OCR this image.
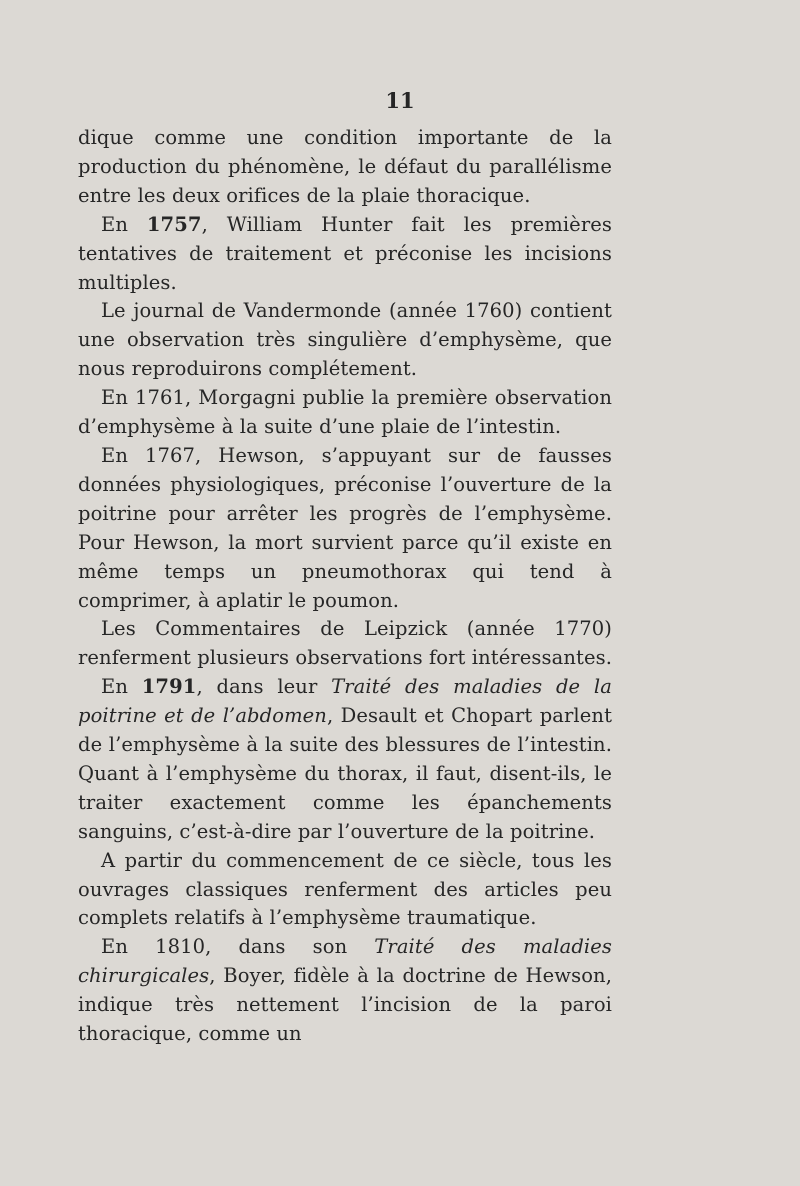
11

dique comme une condition importante de la production du phénomène, le défaut du parallélisme entre les deux orifices de la plaie thoracique.

En 1757, William Hunter fait les premières tentatives de traitement et préconise les incisions multiples.

Le journal de Vandermonde (année 1760) contient une observation très singulière d’emphysème, que nous reproduirons complétement.

En 1761, Morgagni publie la première observation d’emphysème à la suite d’une plaie de l’intestin.

En 1767, Hewson, s’appuyant sur de fausses données physiologiques, préconise l’ouverture de la poitrine pour arrêter les progrès de l’emphysème. Pour Hewson, la mort survient parce qu’il existe en même temps un pneumothorax qui tend à comprimer, à aplatir le poumon.

Les Commentaires de Leipzick (année 1770) renferment plusieurs observations fort intéressantes.

En 1791, dans leur Traité des maladies de la poitrine et de l’abdomen, Desault et Chopart parlent de l’emphysème à la suite des blessures de l’intestin. Quant à l’emphysème du thorax, il faut, disent-ils, le traiter exactement comme les épanchements sanguins, c’est-à-dire par l’ouverture de la poitrine.

A partir du commencement de ce siècle, tous les ouvrages classiques renferment des articles peu complets relatifs à l’emphysème traumatique.

En 1810, dans son Traité des maladies chirurgicales, Boyer, fidèle à la doctrine de Hewson, indique très nettement l’incision de la paroi thoracique, comme un
